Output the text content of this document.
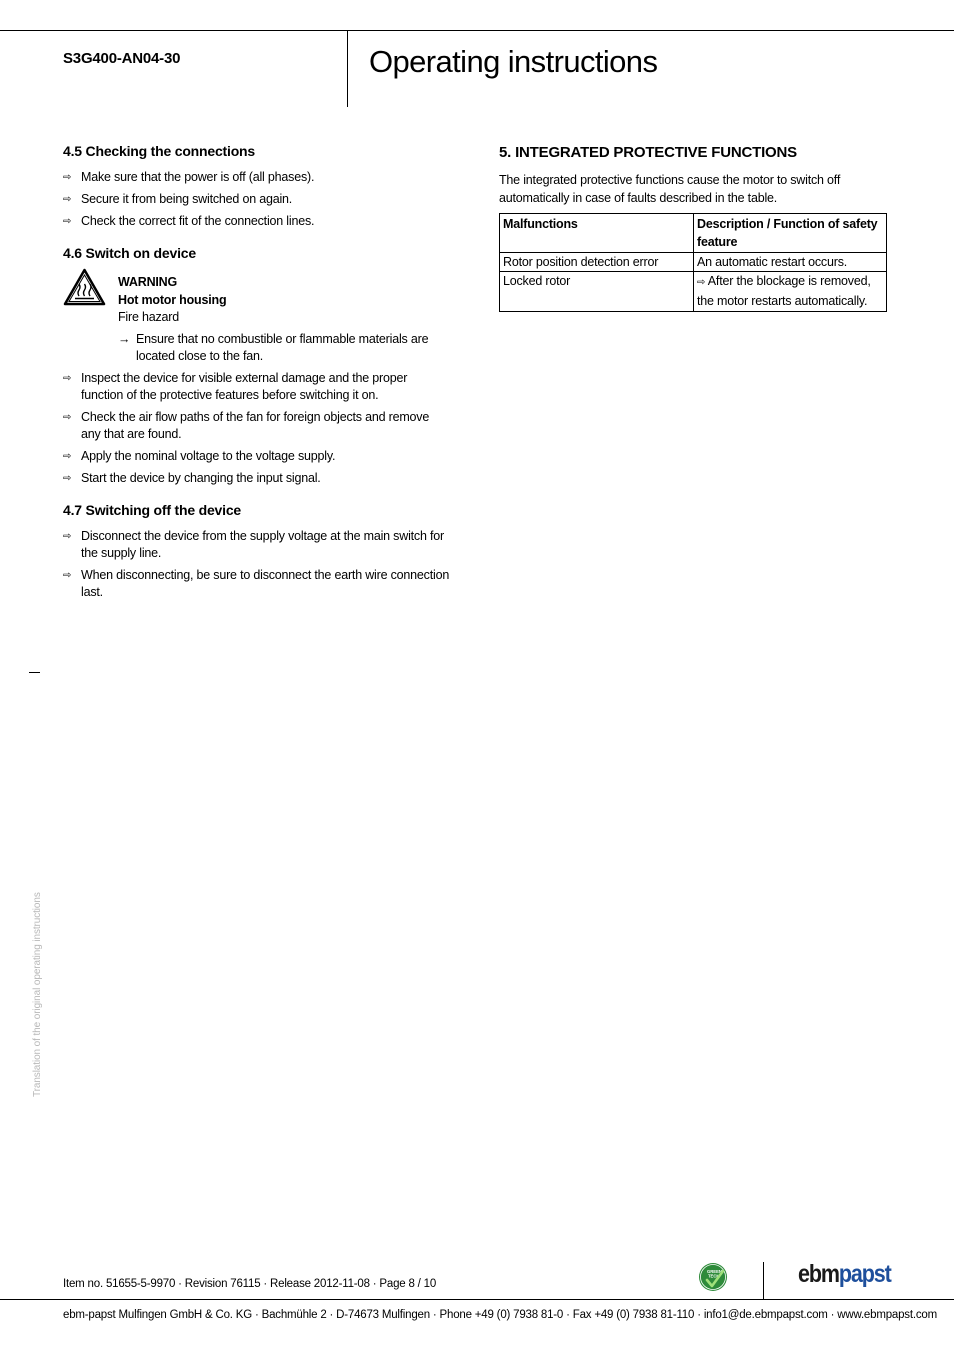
S3G400-AN04-30	Operating instructions
4.5 Checking the connections
⇨ Make sure that the power is off (all phases).
⇨ Secure it from being switched on again.
⇨ Check the correct fit of the connection lines.
4.6 Switch on device
WARNING
Hot motor housing
Fire hazard
→ Ensure that no combustible or flammable materials are
located close to the fan.
⇨ Inspect the device for visible external damage and the proper function of the protective features before switching it on.
⇨ Check the air flow paths of the fan for foreign objects and remove any that are found.
⇨ Apply the nominal voltage to the voltage supply.
⇨ Start the device by changing the input signal.
4.7 Switching off the device
⇨ Disconnect the device from the supply voltage at the main switch for the supply line.
⇨ When disconnecting, be sure to disconnect the earth wire connection last.
5. INTEGRATED PROTECTIVE FUNCTIONS
The integrated protective functions cause the motor to switch off automatically in case of faults described in the table.
Malfunctions	Description / Function of safety feature
Rotor position detection error	An automatic restart occurs.
Locked rotor	⇨ After the blockage is removed, the motor restarts automatically.
Translation of the original operating instructions
Item no. 51655-5-9970 · Revision 76115 · Release 2012-11-08 · Page 8 / 10
GREEN
TECH	ebmpapst
ebm-papst Mulfingen GmbH & Co. KG · Bachmühle 2 · D-74673 Mulfingen · Phone +49 (0) 7938 81-0 · Fax +49 (0) 7938 81-110 · info1@de.ebmpapst.com · www.ebmpapst.com
